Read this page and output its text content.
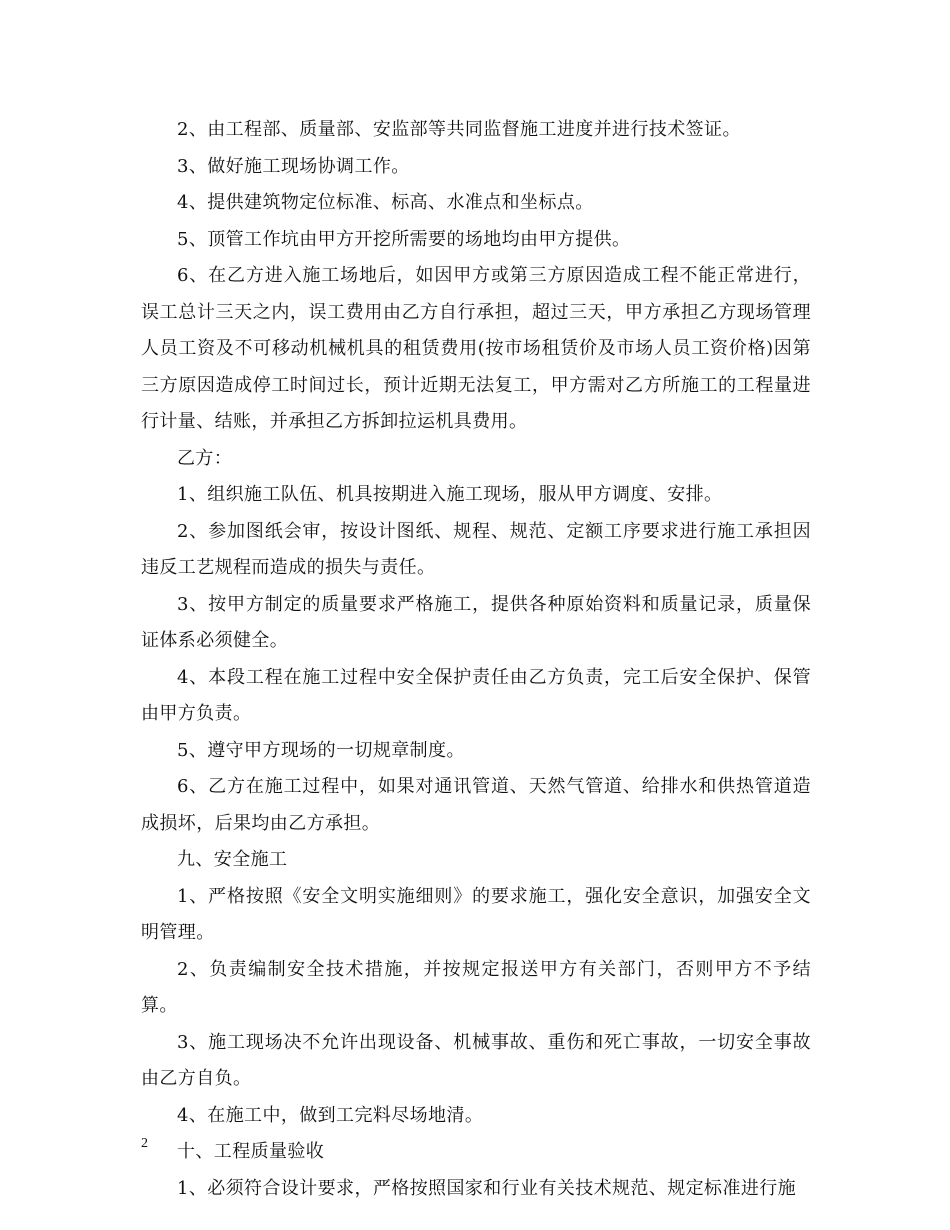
2、由工程部、质量部、安监部等共同监督施工进度并进行技术签证。

3、做好施工现场协调工作。

4、提供建筑物定位标准、标高、水准点和坐标点。

5、顶管工作坑由甲方开挖所需要的场地均由甲方提供。

6、在乙方进入施工场地后，如因甲方或第三方原因造成工程不能正常进行，误工总计三天之内，误工费用由乙方自行承担，超过三天，甲方承担乙方现场管理人员工资及不可移动机械机具的租赁费用(按市场租赁价及市场人员工资价格)因第三方原因造成停工时间过长，预计近期无法复工，甲方需对乙方所施工的工程量进行计量、结账，并承担乙方拆卸拉运机具费用。

乙方：

1、组织施工队伍、机具按期进入施工现场，服从甲方调度、安排。

2、参加图纸会审，按设计图纸、规程、规范、定额工序要求进行施工承担因违反工艺规程而造成的损失与责任。

3、按甲方制定的质量要求严格施工，提供各种原始资料和质量记录，质量保证体系必须健全。

4、本段工程在施工过程中安全保护责任由乙方负责，完工后安全保护、保管由甲方负责。

5、遵守甲方现场的一切规章制度。

6、乙方在施工过程中，如果对通讯管道、天然气管道、给排水和供热管道造成损坏，后果均由乙方承担。

九、安全施工

1、严格按照《安全文明实施细则》的要求施工，强化安全意识，加强安全文明管理。

2、负责编制安全技术措施，并按规定报送甲方有关部门，否则甲方不予结算。

3、施工现场决不允许出现设备、机械事故、重伤和死亡事故，一切安全事故由乙方自负。

4、在施工中，做到工完料尽场地清。

十、工程质量验收

1、必须符合设计要求，严格按照国家和行业有关技术规范、规定标准进行施

2
